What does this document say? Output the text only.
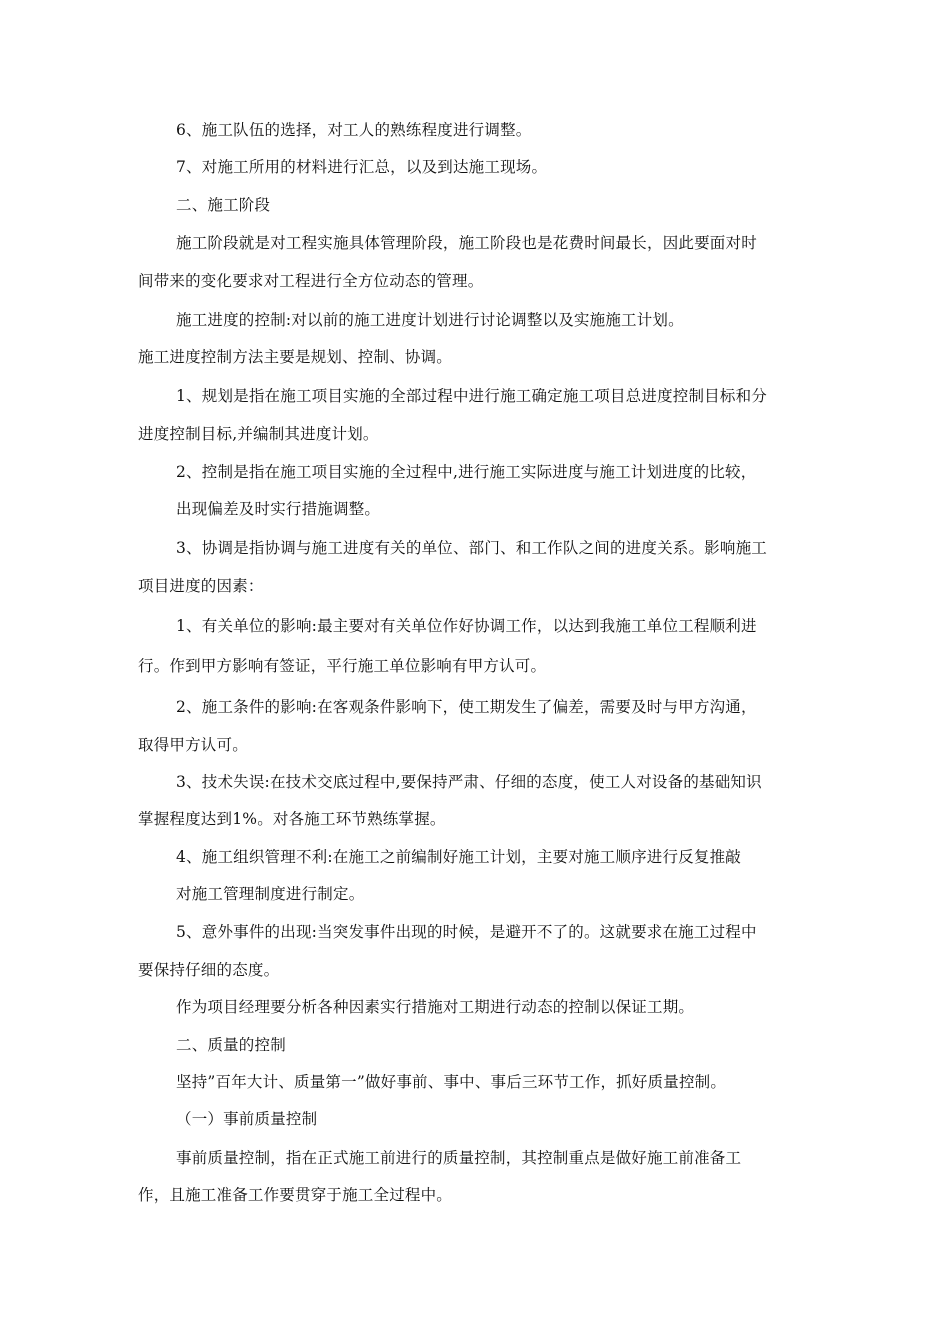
6、施工队伍的选择，对工人的熟练程度进行调整。
7、对施工所用的材料进行汇总，以及到达施工现场。
二、施工阶段
施工阶段就是对工程实施具体管理阶段，施工阶段也是花费时间最长，因此要面对时
间带来的变化要求对工程进行全方位动态的管理。
施工进度的控制:对以前的施工进度计划进行讨论调整以及实施施工计划。
施工进度控制方法主要是规划、控制、协调。
1、规划是指在施工项目实施的全部过程中进行施工确定施工项目总进度控制目标和分
进度控制目标,并编制其进度计划。
2、控制是指在施工项目实施的全过程中,进行施工实际进度与施工计划进度的比较，
出现偏差及时实行措施调整。
3、协调是指协调与施工进度有关的单位、部门、和工作队之间的进度关系。影响施工
项目进度的因素：
1、有关单位的影响:最主要对有关单位作好协调工作，以达到我施工单位工程顺利进
行。作到甲方影响有签证，平行施工单位影响有甲方认可。
2、施工条件的影响:在客观条件影响下，使工期发生了偏差，需要及时与甲方沟通，
取得甲方认可。
3、技术失误:在技术交底过程中,要保持严肃、仔细的态度，使工人对设备的基础知识
掌握程度达到1%。对各施工环节熟练掌握。
4、施工组织管理不利:在施工之前编制好施工计划，主要对施工顺序进行反复推敲
对施工管理制度进行制定。
5、意外事件的出现:当突发事件出现的时候，是避开不了的。这就要求在施工过程中
要保持仔细的态度。
作为项目经理要分析各种因素实行措施对工期进行动态的控制以保证工期。
二、质量的控制
坚持”百年大计、质量第一”做好事前、事中、事后三环节工作，抓好质量控制。
（一）事前质量控制
事前质量控制，指在正式施工前进行的质量控制，其控制重点是做好施工前准备工
作，且施工准备工作要贯穿于施工全过程中。
